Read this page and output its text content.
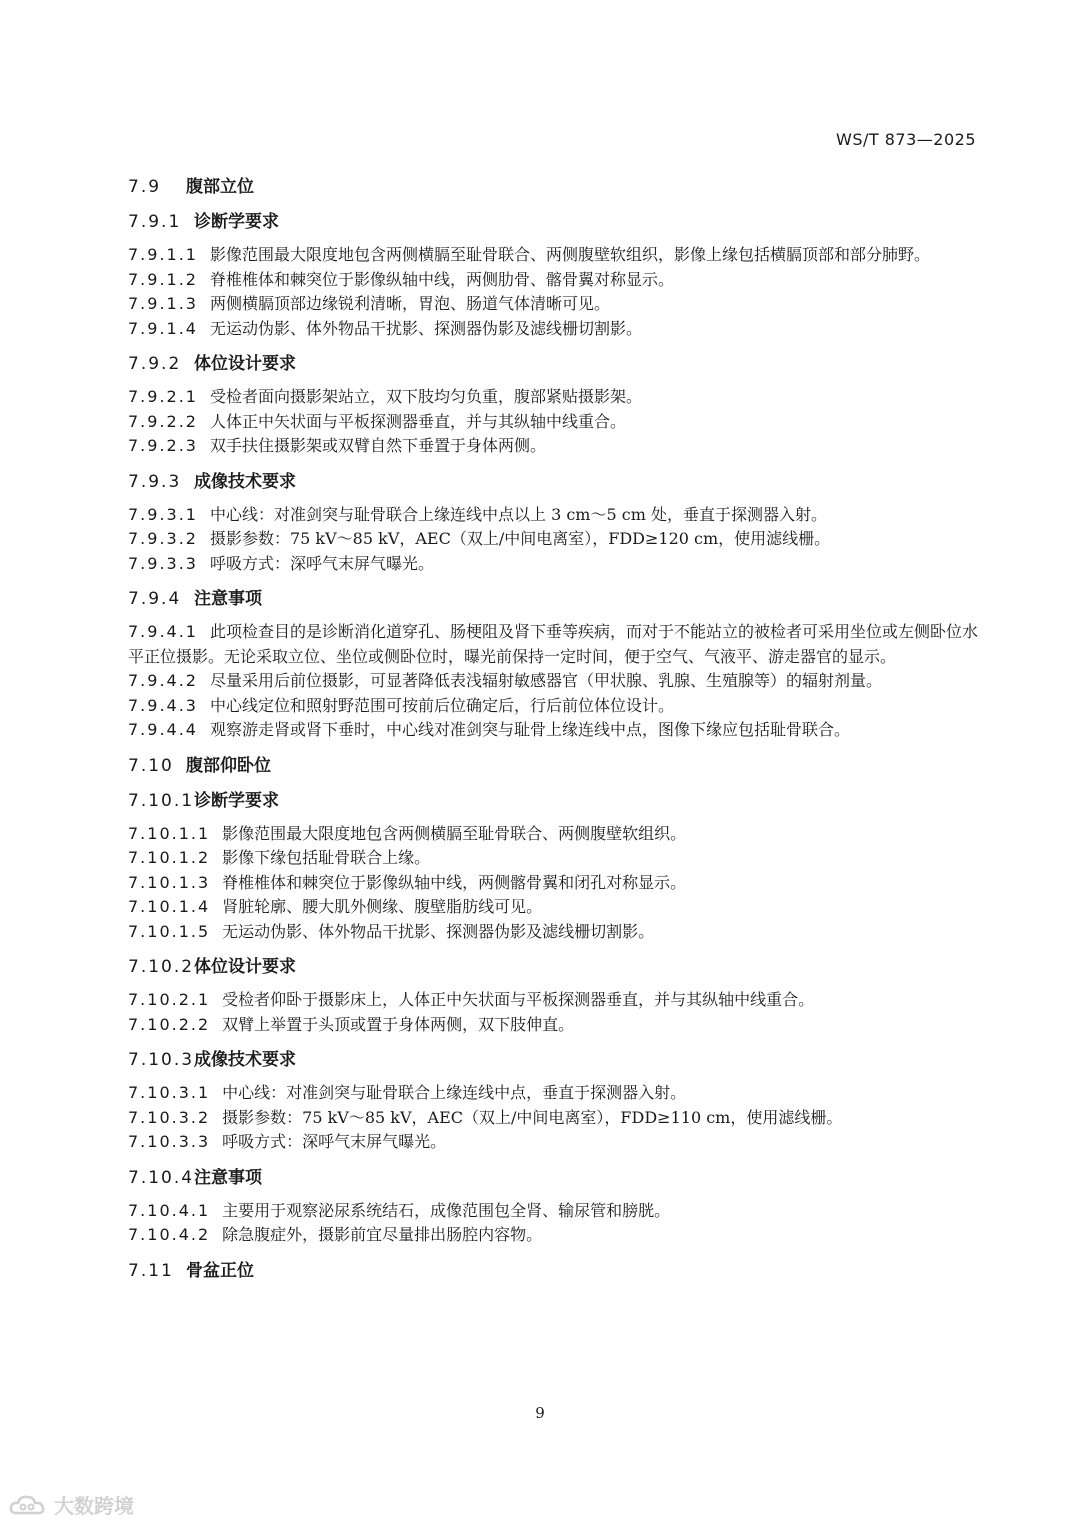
WS/T 873—2025
7.9 腹部立位
7.9.1 诊断学要求

7.9.1.1 影像范围最大限度地包含两侧横膈至耻骨联合、两侧腹壁软组织，影像上缘包括横膈顶部和部分肺野。

7.9.1.2 脊椎椎体和棘突位于影像纵轴中线，两侧肋骨、髂骨翼对称显示。

7.9.1.3 两侧横膈顶部边缘锐利清晰，胃泡、肠道气体清晰可见。

7.9.1.4 无运动伪影、体外物品干扰影、探测器伪影及滤线栅切割影。

7.9.2 体位设计要求

7.9.2.1 受检者面向摄影架站立，双下肢均匀负重，腹部紧贴摄影架。

7.9.2.2 人体正中矢状面与平板探测器垂直，并与其纵轴中线重合。

7.9.2.3 双手扶住摄影架或双臂自然下垂置于身体两侧。

7.9.3 成像技术要求

7.9.3.1 中心线：对准剑突与耻骨联合上缘连线中点以上 3 cm～5 cm 处，垂直于探测器入射。

7.9.3.2 摄影参数：75 kV～85 kV，AEC（双上/中间电离室），FDD≥120 cm，使用滤线栅。

7.9.3.3 呼吸方式：深呼气末屏气曝光。

7.9.4 注意事项

7.9.4.1 此项检查目的是诊断消化道穿孔、肠梗阻及肾下垂等疾病，而对于不能站立的被检者可采用坐位或左侧卧位水平正位摄影。无论采取立位、坐位或侧卧位时，曝光前保持一定时间，便于空气、气液平、游走器官的显示。

7.9.4.2 尽量采用后前位摄影，可显著降低表浅辐射敏感器官（甲状腺、乳腺、生殖腺等）的辐射剂量。

7.9.4.3 中心线定位和照射野范围可按前后位确定后，行后前位体位设计。

7.9.4.4 观察游走肾或肾下垂时，中心线对准剑突与耻骨上缘连线中点，图像下缘应包括耻骨联合。

7.10 腹部仰卧位
7.10.1诊断学要求

7.10.1.1 影像范围最大限度地包含两侧横膈至耻骨联合、两侧腹壁软组织。

7.10.1.2 影像下缘包括耻骨联合上缘。

7.10.1.3 脊椎椎体和棘突位于影像纵轴中线，两侧髂骨翼和闭孔对称显示。

7.10.1.4 肾脏轮廓、腰大肌外侧缘、腹壁脂肪线可见。

7.10.1.5 无运动伪影、体外物品干扰影、探测器伪影及滤线栅切割影。

7.10.2体位设计要求

7.10.2.1 受检者仰卧于摄影床上，人体正中矢状面与平板探测器垂直，并与其纵轴中线重合。

7.10.2.2 双臂上举置于头顶或置于身体两侧，双下肢伸直。

7.10.3成像技术要求

7.10.3.1 中心线：对准剑突与耻骨联合上缘连线中点，垂直于探测器入射。

7.10.3.2 摄影参数：75 kV～85 kV，AEC（双上/中间电离室），FDD≥110 cm，使用滤线栅。

7.10.3.3 呼吸方式：深呼气末屏气曝光。

7.10.4注意事项

7.10.4.1 主要用于观察泌尿系统结石，成像范围包全肾、输尿管和膀胱。

7.10.4.2 除急腹症外，摄影前宜尽量排出肠腔内容物。

7.11 骨盆正位
9
大数跨境
